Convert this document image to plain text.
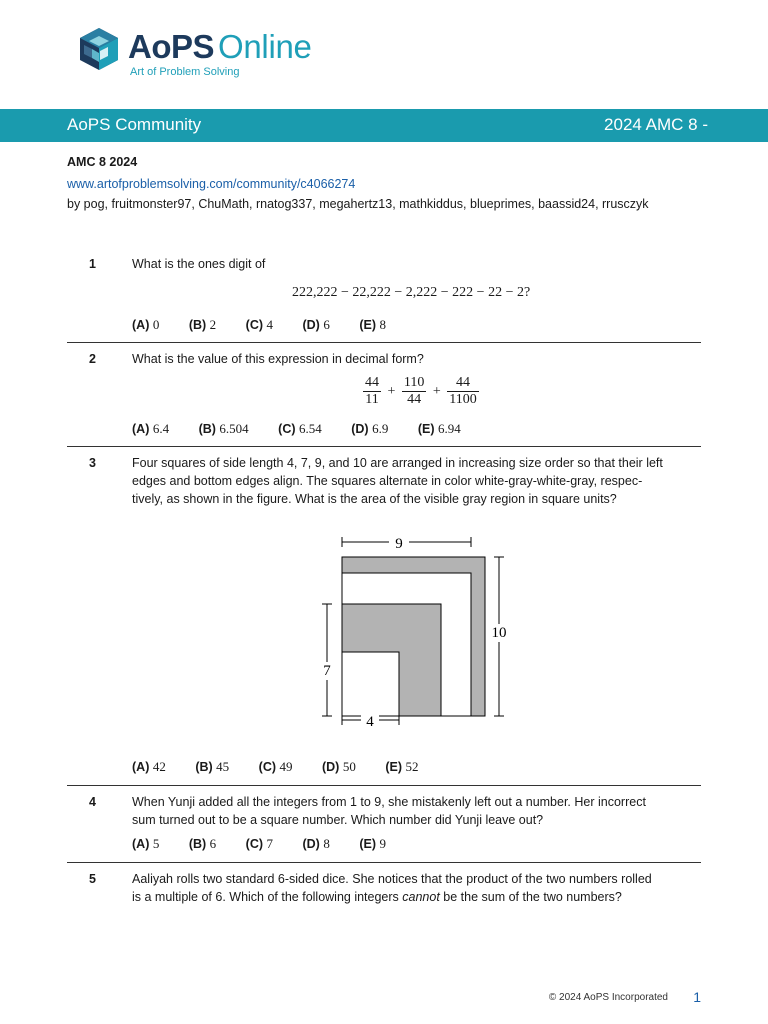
AoPS Online
Art of Problem Solving
AoPS Community	2024 AMC 8 -
AMC 8 2024
www.artofproblemsolving.com/community/c4066274
by pog, fruitmonster97, ChuMath, rnatog337, megahertz13, mathkiddus, blueprimes, baassid24, rrusczyk
1	What is the ones digit of
222,222 − 22,222 − 2,222 − 222 − 22 − 2?
(A) 0 (B) 2 (C) 4 (D) 6 (E) 8
2	What is the value of this expression in decimal form?
$\frac{44}{11} + \frac{110}{44} + \frac{44}{1100}$
(A) 6.4 (B) 6.504 (C) 6.54 (D) 6.9 (E) 6.94
3	Four squares of side length 4, 7, 9, and 10 are arranged in increasing size order so that their left
edges and bottom edges align. The squares alternate in color white-gray-white-gray, respec-
tively, as shown in the figure. What is the area of the visible gray region in square units?
9
10
7
4
(A) 42 (B) 45 (C) 49 (D) 50 (E) 52
4	When Yunji added all the integers from 1 to 9, she mistakenly left out a number. Her incorrect
sum turned out to be a square number. Which number did Yunji leave out?
(A) 5 (B) 6 (C) 7 (D) 8 (E) 9
5	Aaliyah rolls two standard 6-sided dice. She notices that the product of the two numbers rolled
is a multiple of 6. Which of the following integers cannot be the sum of the two numbers?
© 2024 AoPS Incorporated 1
